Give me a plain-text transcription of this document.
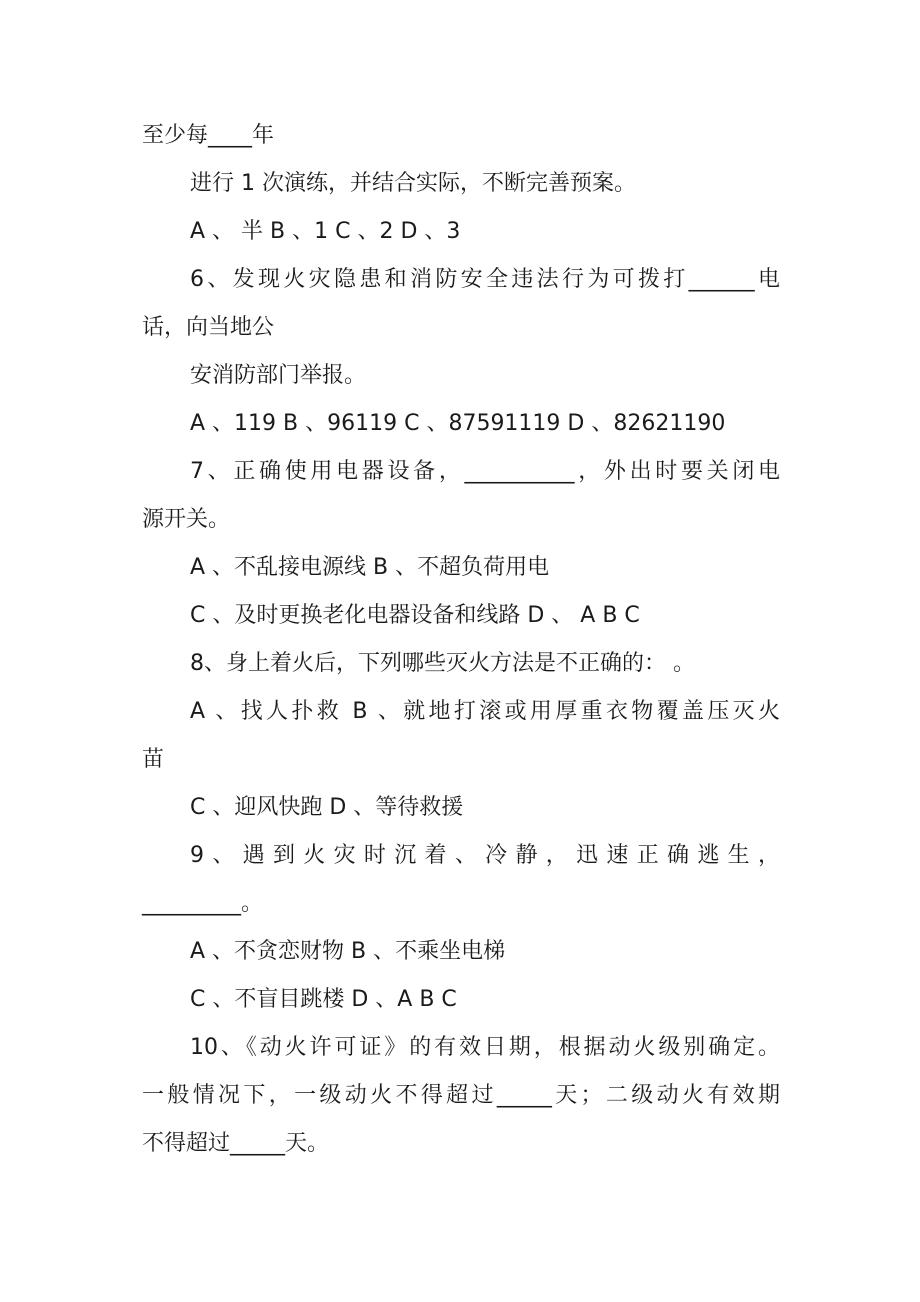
至少每____年
进行 1 次演练，并结合实际，不断完善预案。
A 、 半 B 、1 C 、2 D 、3
6、发现火灾隐患和消防安全违法行为可拨打______电
话，向当地公
安消防部门举报。
A 、119 B 、96119 C 、87591119 D 、82621190
7、正确使用电器设备，__________，外出时要关闭电
源开关。
A 、不乱接电源线 B 、不超负荷用电
C 、及时更换老化电器设备和线路 D 、 A B C
8、身上着火后，下列哪些灭火方法是不正确的： 。
A 、找人扑救 B 、就地打滚或用厚重衣物覆盖压灭火
苗
C 、迎风快跑 D 、等待救援
9、遇到火灾时沉着、冷静，迅速正确逃生，
_________。
A 、不贪恋财物 B 、不乘坐电梯
C 、不盲目跳楼 D 、A B C
10、《动火许可证》的有效日期，根据动火级别确定。
一般情况下，一级动火不得超过_____天；二级动火有效期
不得超过_____天。
